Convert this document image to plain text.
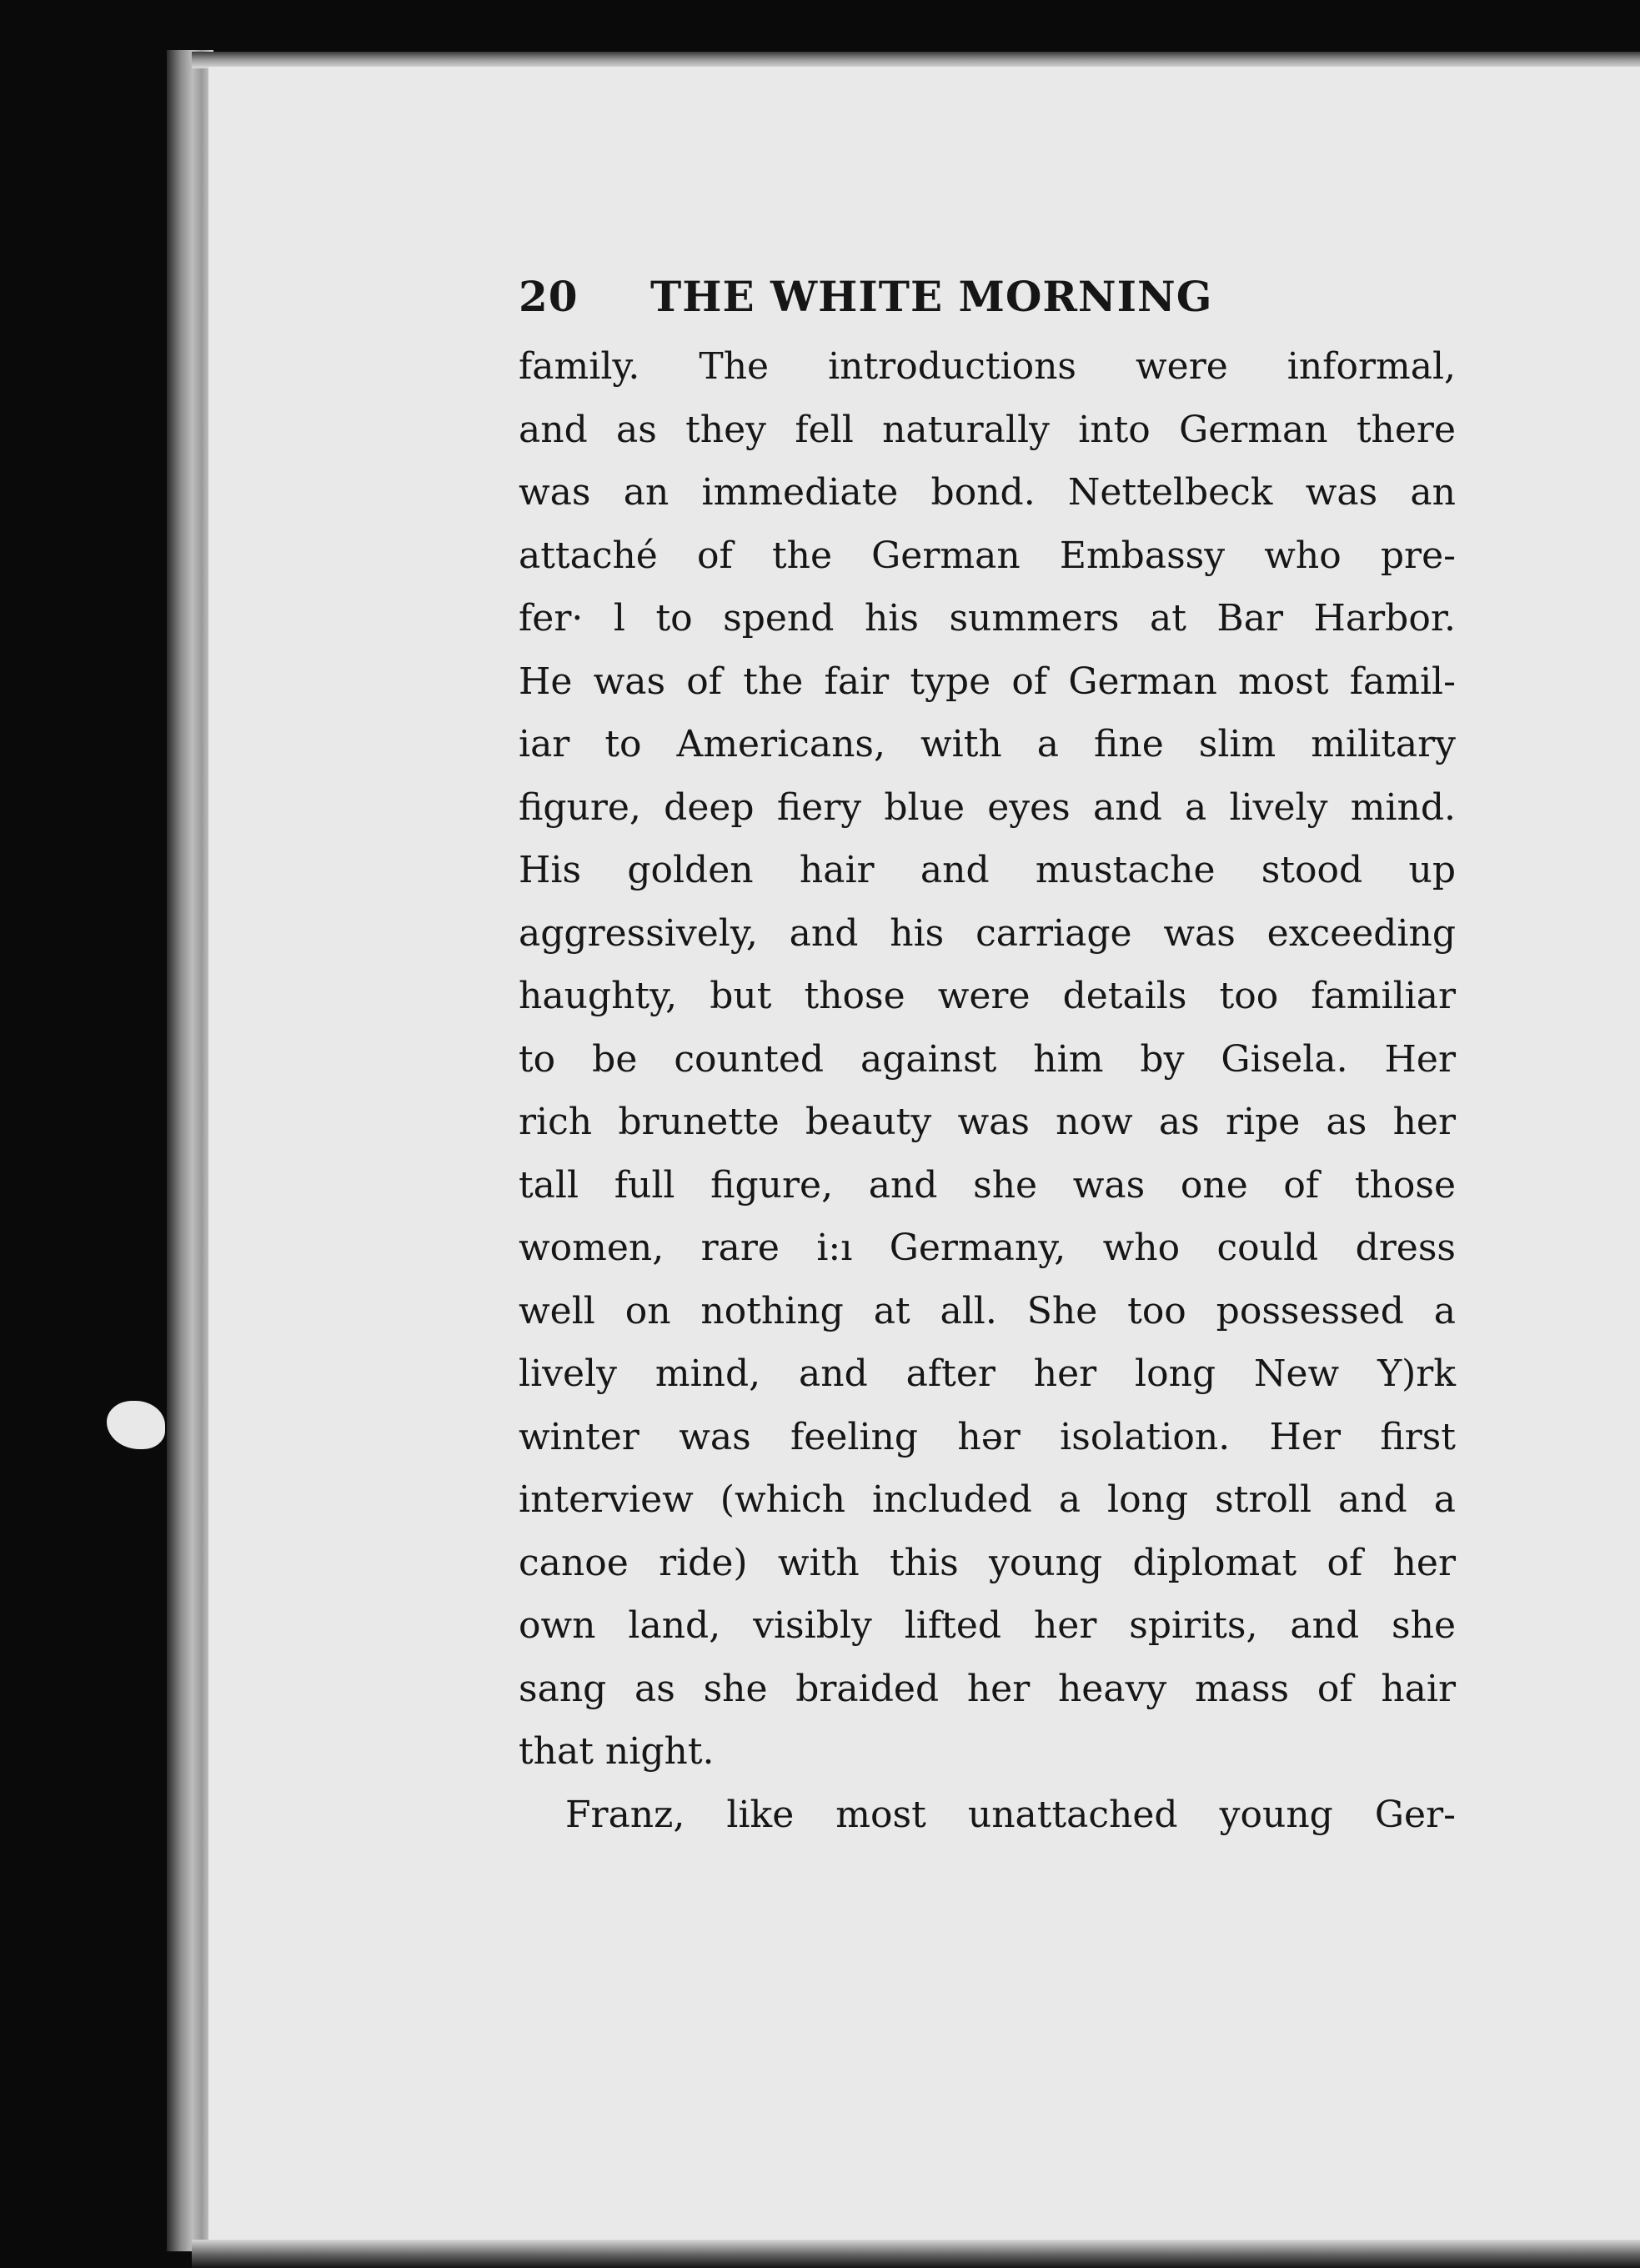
20	THE WHITE MORNING
family. The introductions were informal,
and as they fell naturally into German there
was an immediate bond. Nettelbeck was an
attaché of the German Embassy who pre-
fer· l to spend his summers at Bar Harbor.
He was of the fair type of German most famil-
iar to Americans, with a fine slim military
figure, deep fiery blue eyes and a lively mind.
His golden hair and mustache stood up
aggressively, and his carriage was exceeding
haughty, but those were details too familiar
to be counted against him by Gisela. Her
rich brunette beauty was now as ripe as her
tall full figure, and she was one of those
women, rare i:ı Germany, who could dress
well on nothing at all. She too possessed a
lively mind, and after her long New Y)rk
winter was feeling hər isolation. Her first
interview (which included a long stroll and a
canoe ride) with this young diplomat of her
own land, visibly lifted her spirits, and she
sang as she braided her heavy mass of hair
that night.
Franz, like most unattached young Ger-
